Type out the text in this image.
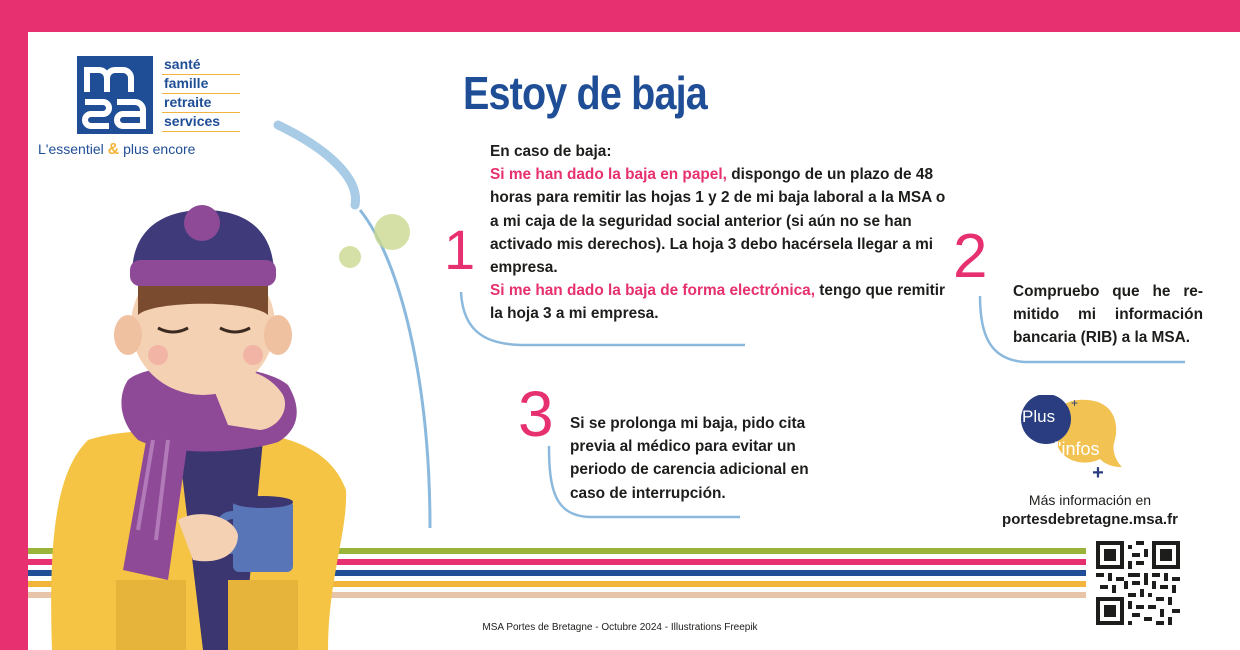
santé
famille
retraite
services
L'essentiel & plus encore
Estoy de baja
1
En caso de baja:
Si me han dado la baja en papel, dispongo de un plazo de 48 horas para remitir las hojas 1 y 2 de mi baja laboral a la MSA o a mi caja de la seguridad social anterior (si aún no se han activado mis derechos). La hoja 3 debo hacérsela llegar a mi empresa.
Si me han dado la baja de forma electrónica, tengo que remitir la hoja 3 a mi empresa.
2
Compruebo que he re-mitido mi información bancaria (RIB) a la MSA.
3 Si se prolonga mi baja, pido cita previa al médico para evitar un periodo de carencia adicional en caso de interrupción.
+
+
Plus
d'infos
Más información en
portesdebretagne.msa.fr
MSA Portes de Bretagne - Octubre 2024 - Illustrations Freepik
